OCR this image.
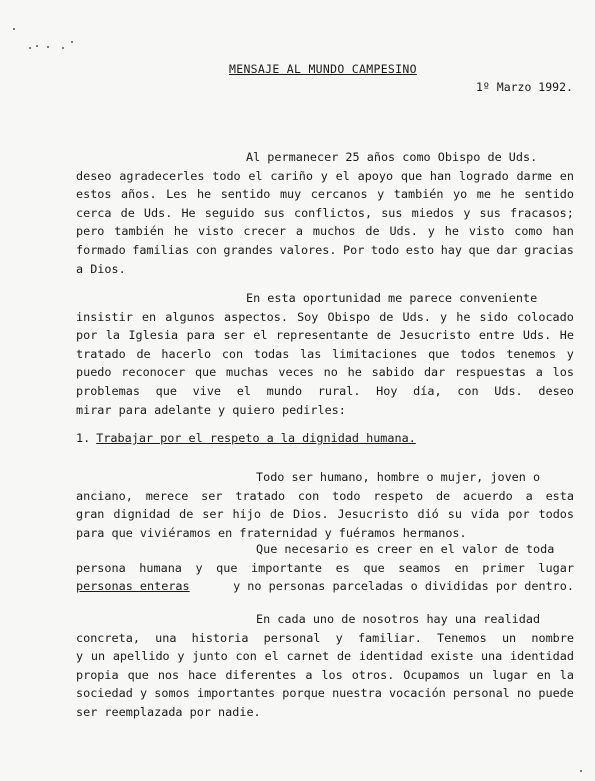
MENSAJE AL MUNDO CAMPESINO
1º Marzo 1992.
Al permanecer 25 años como Obispo de Uds.
deseo agradecerles todo el cariño y el apoyo que han logrado darme en
estos años. Les he sentido muy cercanos y también yo me he sentido
cerca de Uds. He seguido sus conflictos, sus miedos y sus fracasos;
pero también he visto crecer a muchos de Uds. y he visto como han
formado familias con grandes valores. Por todo esto hay que dar gracias
a Dios.
En esta oportunidad me parece conveniente
insistir en algunos aspectos. Soy Obispo de Uds. y he sido colocado
por la Iglesia para ser el representante de Jesucristo entre Uds. He
tratado de hacerlo con todas las limitaciones que todos tenemos y
puedo reconocer que muchas veces no he sabido dar respuestas a los
problemas que vive el mundo rural. Hoy día, con Uds. deseo
mirar para adelante y quiero pedirles:
1. Trabajar por el respeto a la dignidad humana.
Todo ser humano, hombre o mujer, joven o
anciano, merece ser tratado con todo respeto de acuerdo a esta
gran dignidad de ser hijo de Dios. Jesucristo dió su vida por todos
para que viviéramos en fraternidad y fuéramos hermanos.
Que necesario es creer en el valor de toda
persona humana y que importante es que seamos en primer lugar
personas enteras	y no personas parceladas o divididas por dentro.
En cada uno de nosotros hay una realidad
concreta, una historia personal y familiar. Tenemos un nombre
y un apellido y junto con el carnet de identidad existe una identidad
propia que nos hace diferentes a los otros. Ocupamos un lugar en la
sociedad y somos importantes porque nuestra vocación personal no puede
ser reemplazada por nadie.
